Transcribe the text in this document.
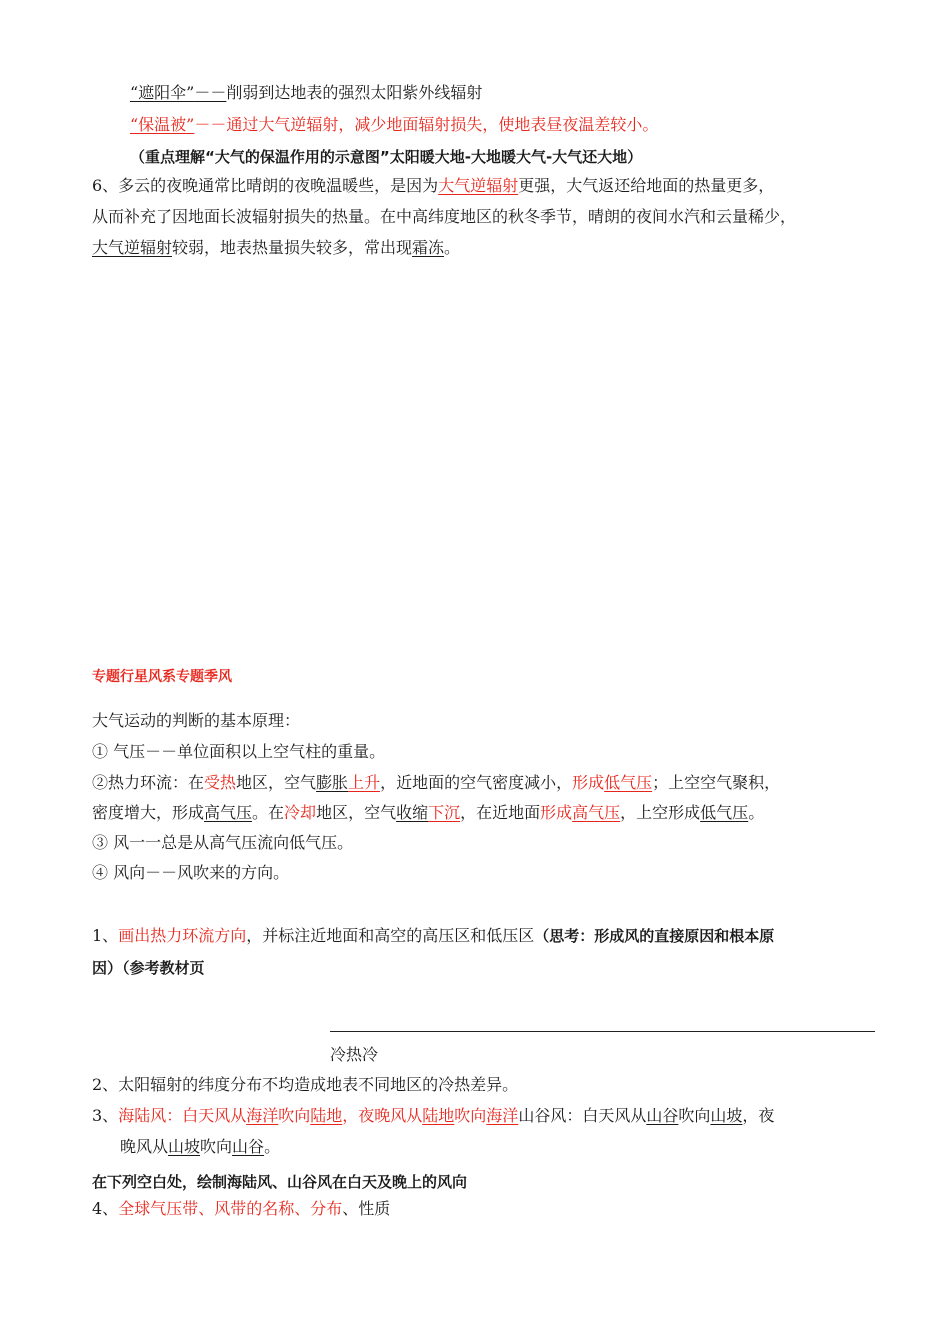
“遮阳伞”－－削弱到达地表的强烈太阳紫外线辐射
“保温被”－－通过大气逆辐射，减少地面辐射损失，使地表昼夜温差较小。
（重点理解“大气的保温作用的示意图”太阳暖大地-大地暖大气-大气还大地）
6、多云的夜晚通常比晴朗的夜晚温暖些，是因为大气逆辐射更强，大气返还给地面的热量更多，
从而补充了因地面长波辐射损失的热量。在中高纬度地区的秋冬季节，晴朗的夜间水汽和云量稀少，
大气逆辐射较弱，地表热量损失较多，常出现霜冻。
专题行星风系专题季风
大气运动的判断的基本原理：
① 气压－－单位面积以上空气柱的重量。
②热力环流：在受热地区，空气膨胀上升，近地面的空气密度减小，形成低气压；上空空气聚积，
密度增大，形成高气压。在冷却地区，空气收缩下沉，在近地面形成高气压，上空形成低气压。
③ 风一一总是从高气压流向低气压。
④ 风向－－风吹来的方向。
1、画出热力环流方向，并标注近地面和高空的高压区和低压区（思考：形成风的直接原因和根本原
因）（参考教材页
冷热冷
2、太阳辐射的纬度分布不均造成地表不同地区的冷热差异。
3、海陆风：白天风从海洋吹向陆地，夜晚风从陆地吹向海洋山谷风：白天风从山谷吹向山坡，夜
晚风从山坡吹向山谷。
在下列空白处，绘制海陆风、山谷风在白天及晚上的风向
4、全球气压带、风带的名称、分布、性质
